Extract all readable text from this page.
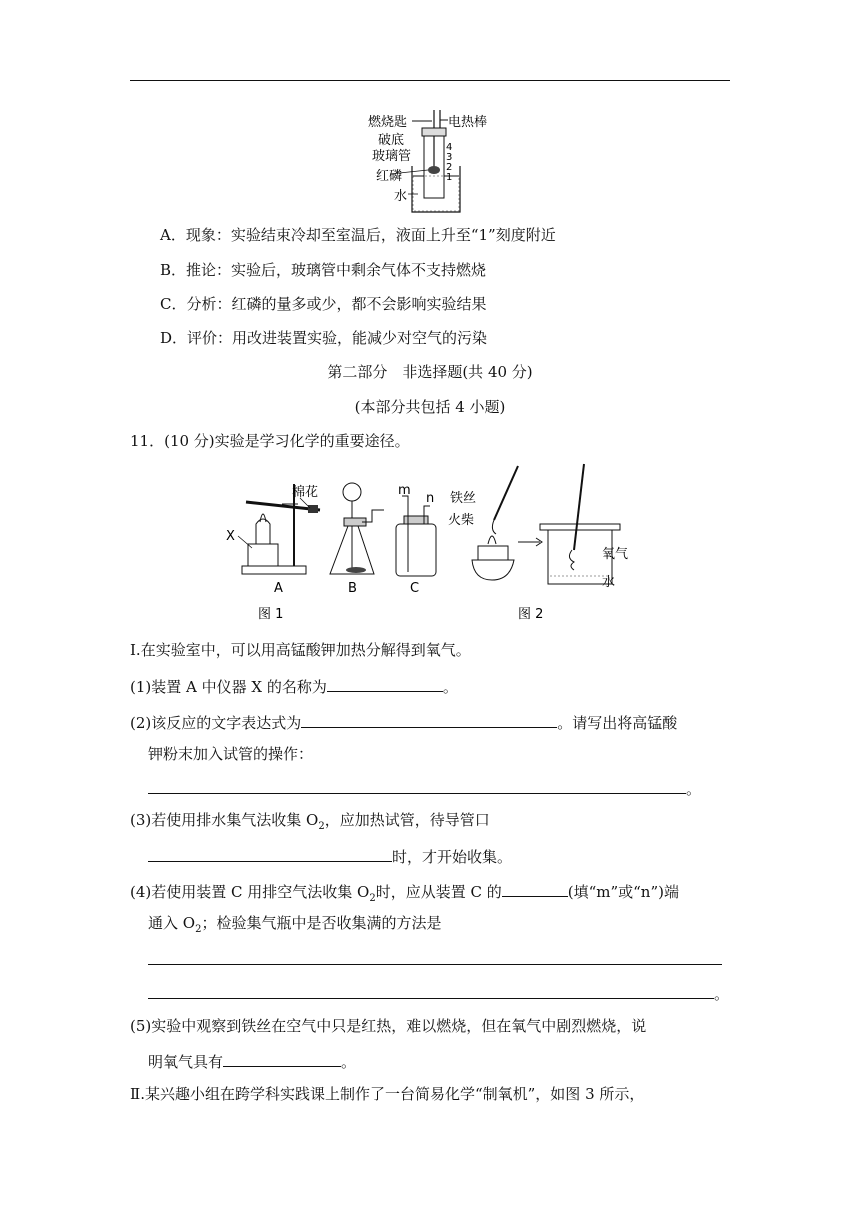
燃烧匙	电热棒
破底
玻璃管
红磷
水
4
3
2
1
A．现象：实验结束冷却至室温后，液面上升至“1”刻度附近
B．推论：实验后，玻璃管中剩余气体不支持燃烧
C．分析：红磷的量多或少，都不会影响实验结果
D．评价：用改进装置实验，能减少对空气的污染
第二部分　非选择题(共 40 分)
(本部分共包括 4 小题)
11．(10 分)实验是学习化学的重要途径。
棉花
X
A	B
m
n
C
图 1
铁丝
火柴
氧气
水
图 2
Ⅰ.在实验室中，可以用高锰酸钾加热分解得到氧气。
(1)装置 A 中仪器 X 的名称为	。
(2)该反应的文字表达式为	。请写出将高锰酸
钾粉末加入试管的操作：
。
(3)若使用排水集气法收集 $O_2$，应加热试管，待导管口
时，才开始收集。
(4)若使用装置 C 用排空气法收集 $O_2$时，应从装置 C 的	(填“m”或“n”)端
通入 $O_2$；检验集气瓶中是否收集满的方法是
。
(5)实验中观察到铁丝在空气中只是红热，难以燃烧，但在氧气中剧烈燃烧，说
明氧气具有	。
Ⅱ.某兴趣小组在跨学科实践课上制作了一台简易化学“制氧机”，如图 3 所示，
